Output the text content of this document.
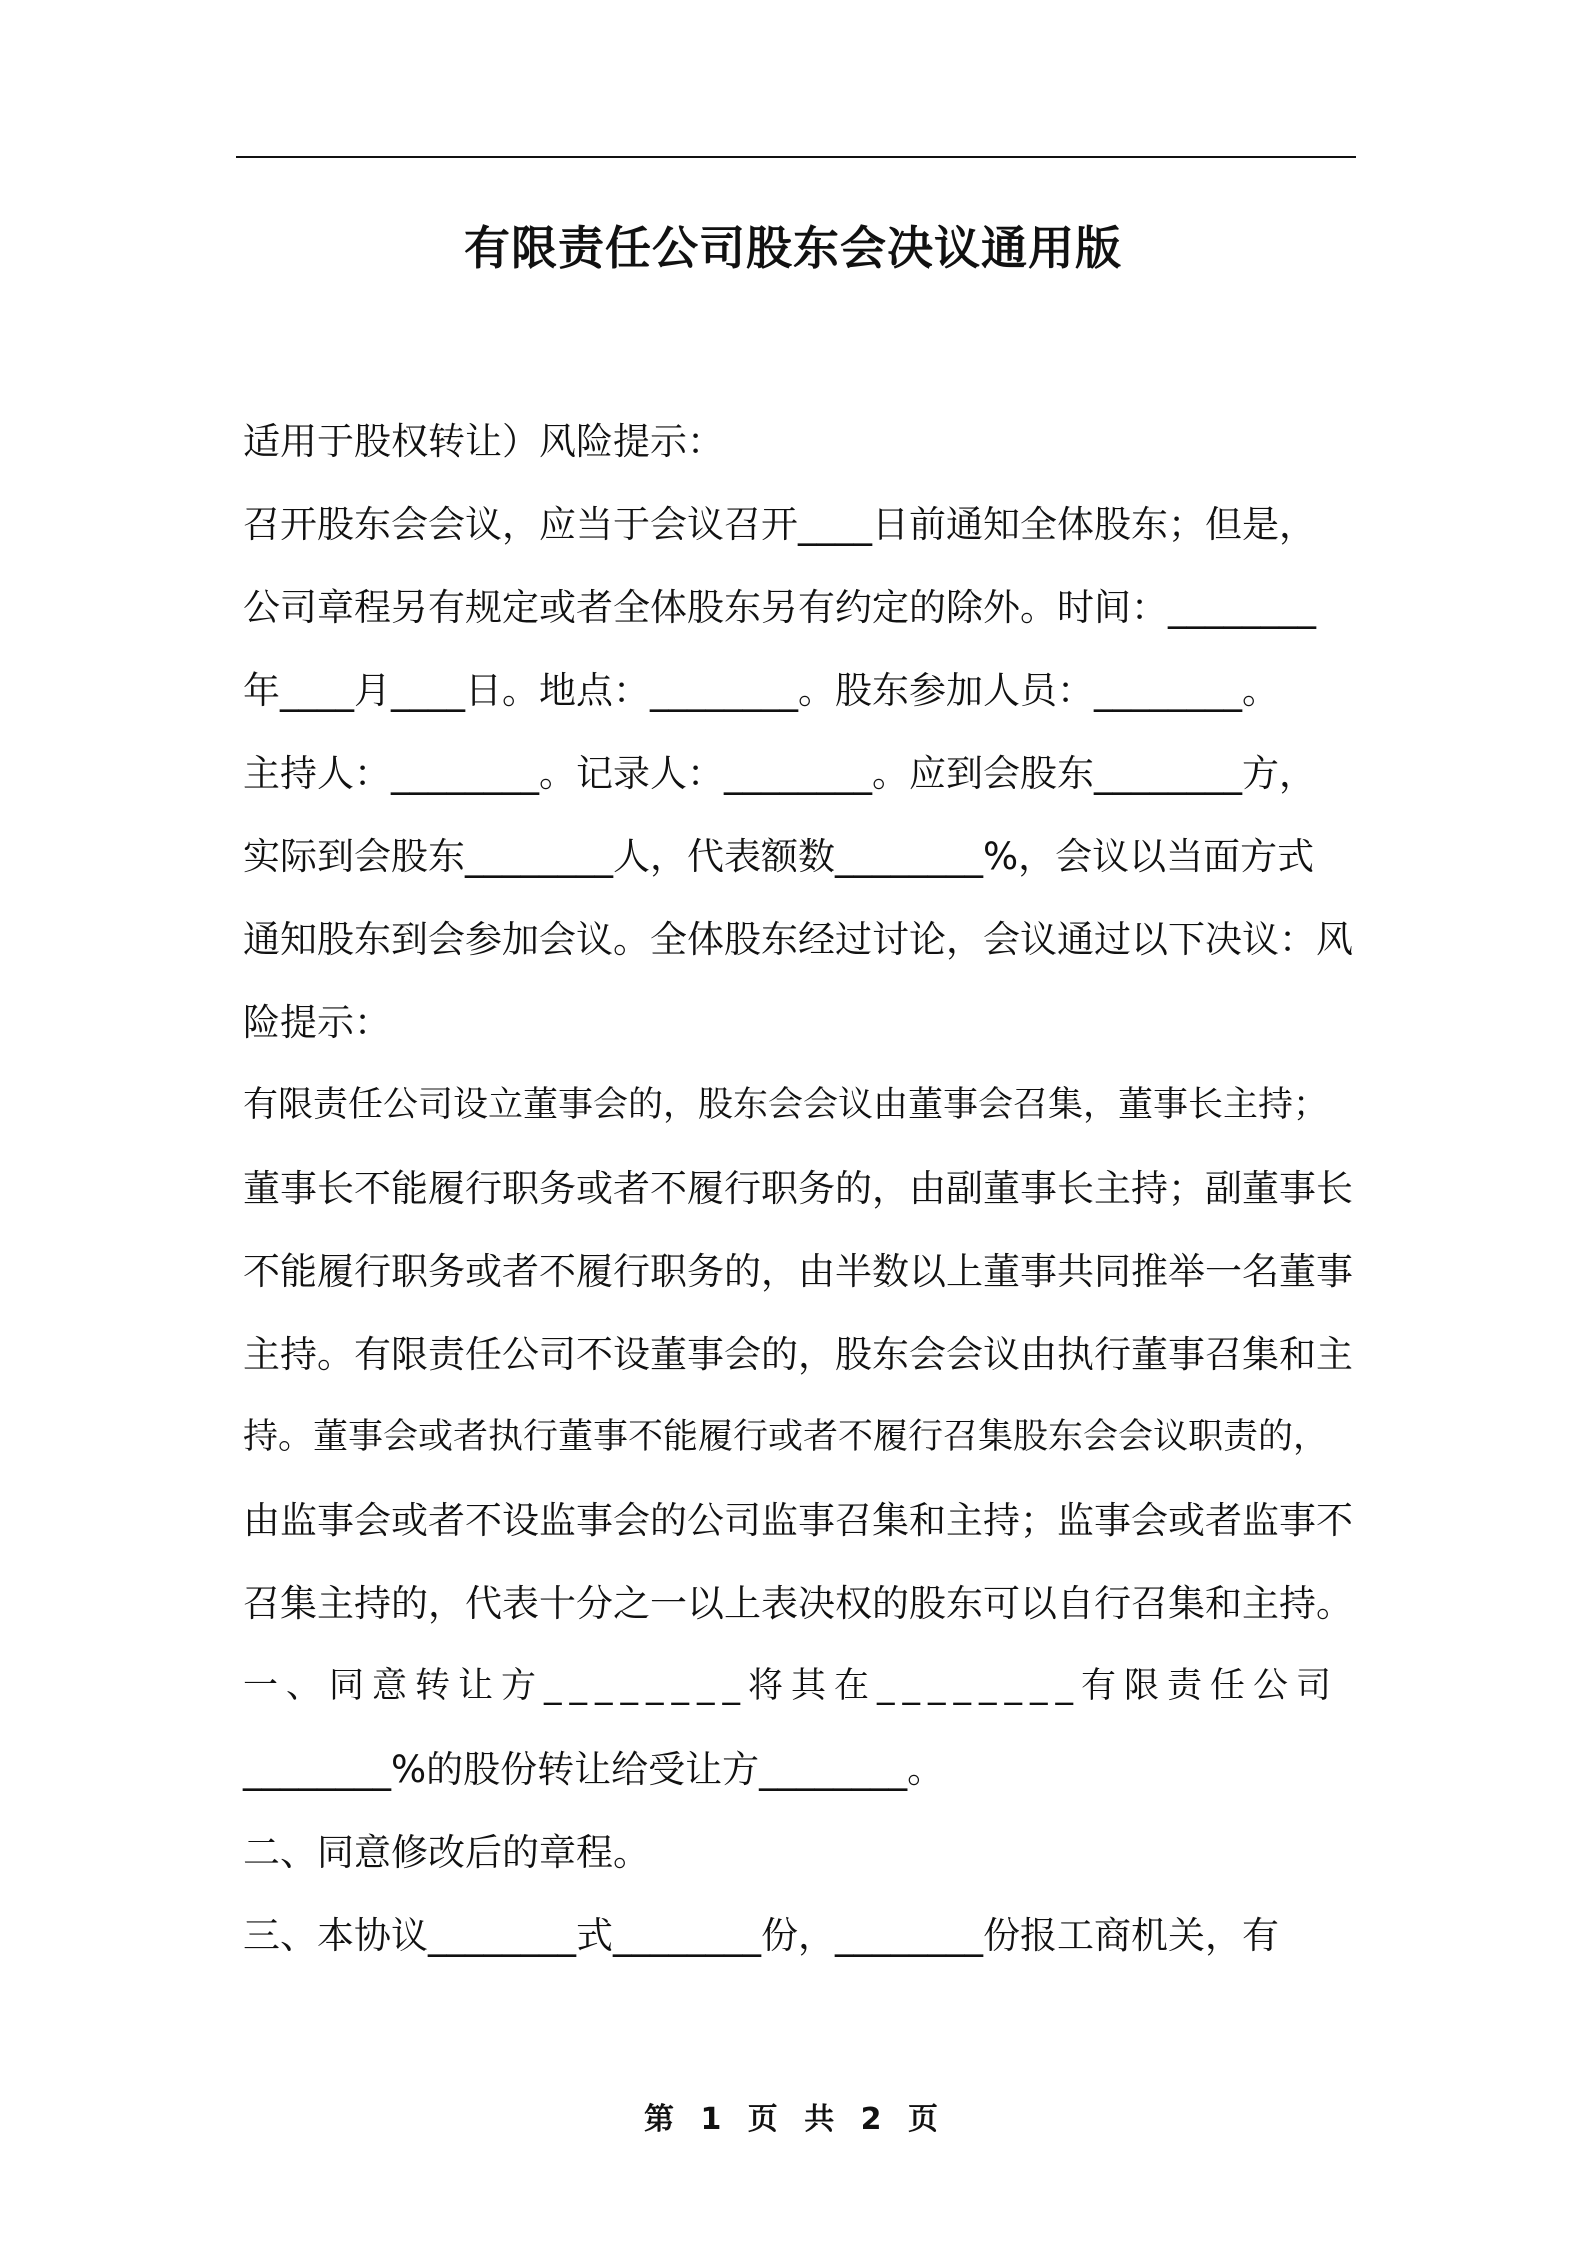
有限责任公司股东会决议通用版
适用于股权转让）风险提示：
召开股东会会议，应当于会议召开____日前通知全体股东；但是，
公司章程另有规定或者全体股东另有约定的除外。时间：________
年____月____日。地点：________。股东参加人员：________。
主持人：________。记录人：________。应到会股东________方，
实际到会股东________人，代表额数________%，会议以当面方式
通知股东到会参加会议。全体股东经过讨论，会议通过以下决议：风
险提示：
有限责任公司设立董事会的，股东会会议由董事会召集，董事长主持；
董事长不能履行职务或者不履行职务的，由副董事长主持；副董事长
不能履行职务或者不履行职务的，由半数以上董事共同推举一名董事
主持。有限责任公司不设董事会的，股东会会议由执行董事召集和主
持。董事会或者执行董事不能履行或者不履行召集股东会会议职责的，
由监事会或者不设监事会的公司监事召集和主持；监事会或者监事不
召集主持的，代表十分之一以上表决权的股东可以自行召集和主持。
一、同意转让方________将其在________有限责任公司
________%的股份转让给受让方________。
二、同意修改后的章程。
三、本协议________式________份，________份报工商机关，有
第 1 页 共 2 页
